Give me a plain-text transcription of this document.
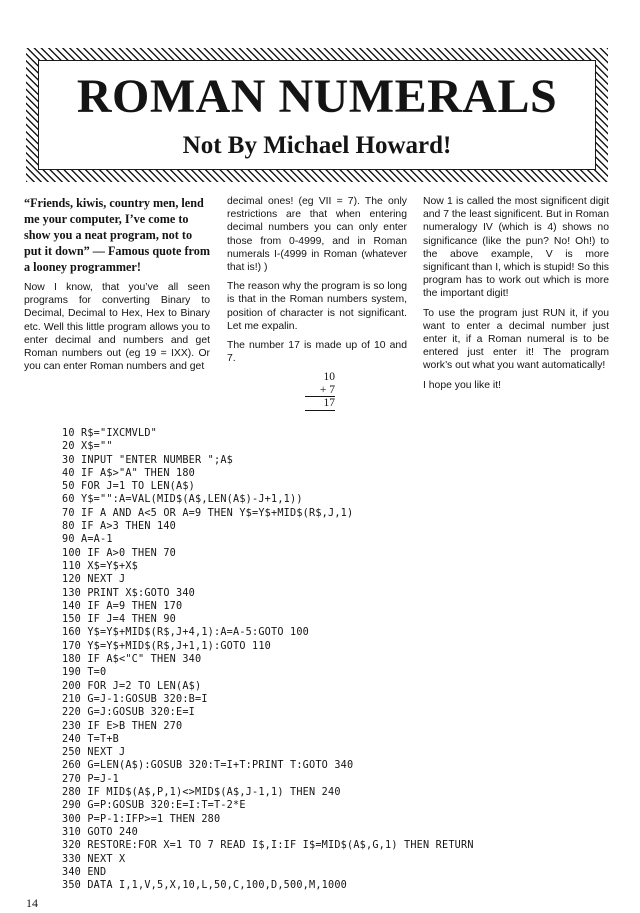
ROMAN NUMERALS
Not By Michael Howard!

“Friends, kiwis, country men, lend me your computer, I’ve come to show you a neat program, not to put it down” — Famous quote from a looney programmer!

Now I know, that you’ve all seen programs for converting Binary to Decimal, Decimal to Hex, Hex to Binary etc. Well this little program allows you to enter decimal and numbers and get Roman numbers out (eg 19 = IXX). Or you can enter Roman numbers and get

decimal ones! (eg VII = 7). The only restrictions are that when entering decimal numbers you can only enter those from 0-4999, and in Roman numerals I-(4999 in Roman (whatever that is!) )

The reason why the program is so long is that in the Roman numbers system, position of character is not significant. Let me expalin.

The number 17 is made up of 10 and 7.

10
+ 7
17

Now 1 is called the most significent digit and 7 the least significent. But in Roman numeralogy IV (which is 4) shows no significance (like the pun? No! Oh!) to the above example, V is more significant than I, which is stupid! So this program has to work out which is more the important digit!

To use the program just RUN it, if you want to enter a decimal number just enter it, if a Roman numeral is to be entered just enter it! The program work’s out what you want automatically!

I hope you like it!

10 R$="IXCMVLD"
20 X$=""
30 INPUT "ENTER NUMBER ";A$
40 IF A$>"A" THEN 180
50 FOR J=1 TO LEN(A$)
60 Y$="":A=VAL(MID$(A$,LEN(A$)-J+1,1))
70 IF A AND A<5 OR A=9 THEN Y$=Y$+MID$(R$,J,1)
80 IF A>3 THEN 140
90 A=A-1
100 IF A>0 THEN 70
110 X$=Y$+X$
120 NEXT J
130 PRINT X$:GOTO 340
140 IF A=9 THEN 170
150 IF J=4 THEN 90
160 Y$=Y$+MID$(R$,J+4,1):A=A-5:GOTO 100
170 Y$=Y$+MID$(R$,J+1,1):GOTO 110
180 IF A$<"C" THEN 340
190 T=0
200 FOR J=2 TO LEN(A$)
210 G=J-1:GOSUB 320:B=I
220 G=J:GOSUB 320:E=I
230 IF E>B THEN 270
240 T=T+B
250 NEXT J
260 G=LEN(A$):GOSUB 320:T=I+T:PRINT T:GOTO 340
270 P=J-1
280 IF MID$(A$,P,1)<>MID$(A$,J-1,1) THEN 240
290 G=P:GOSUB 320:E=I:T=T-2*E
300 P=P-1:IFP>=1 THEN 280
310 GOTO 240
320 RESTORE:FOR X=1 TO 7 READ I$,I:IF I$=MID$(A$,G,1) THEN RETURN
330 NEXT X
340 END
350 DATA I,1,V,5,X,10,L,50,C,100,D,500,M,1000
14
